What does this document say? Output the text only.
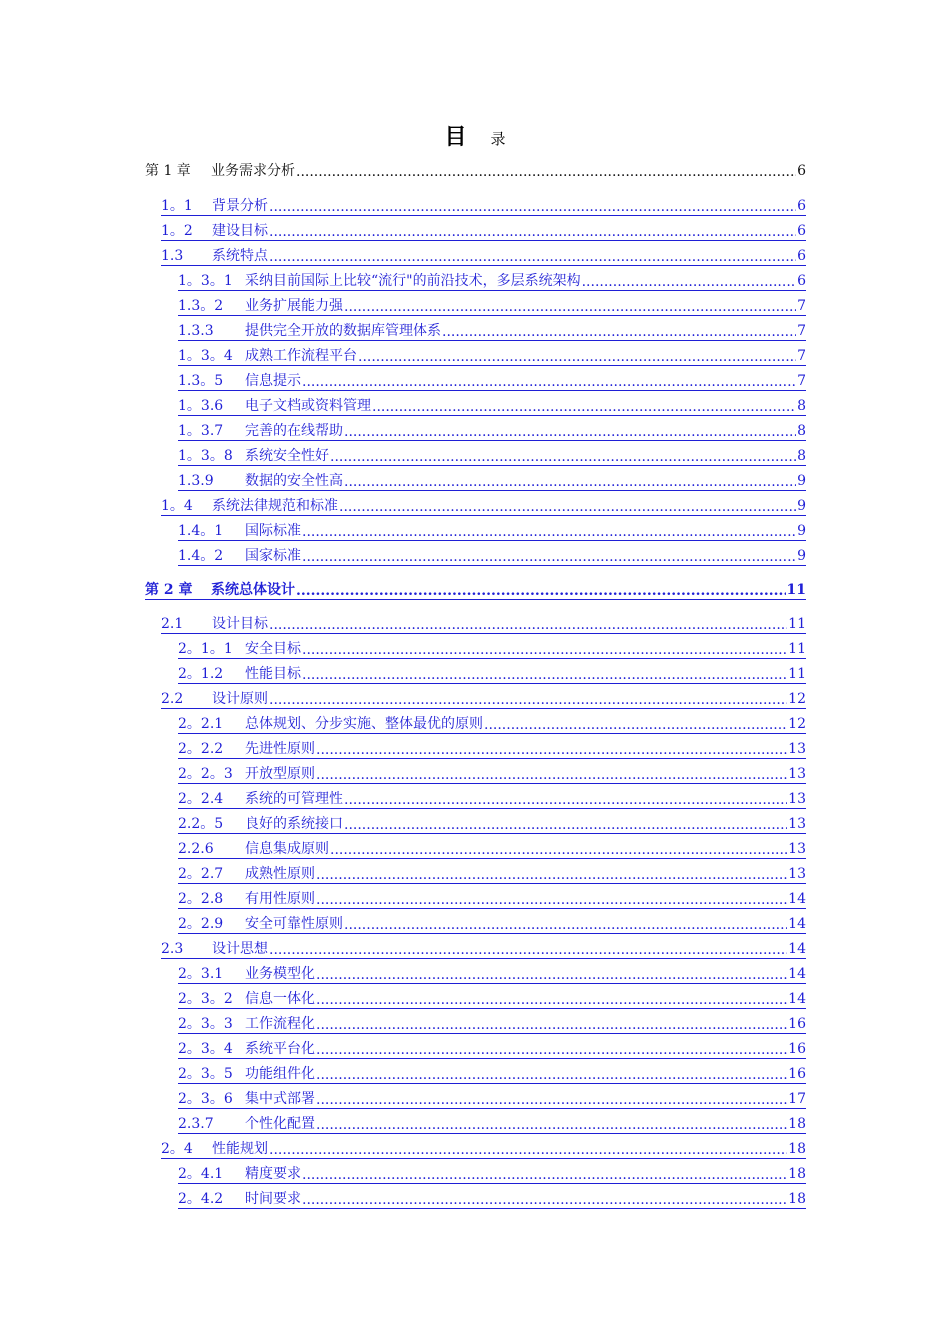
目 录
第 1 章	业务需求分析 .....	6
1。1	背景分析 .....	6
1。2	建设目标 .....	6
1.3	系统特点 .....	6
1。3。1 采纳目前国际上比较“流行"的前沿技术，多层系统架构 .....	6
1.3。2	业务扩展能力强 .....	7
1.3.3	提供完全开放的数据库管理体系 .....	7
1。3。4 成熟工作流程平台 .....	7
1.3。5	信息提示 .....	7
1。3.6	电子文档或资料管理 .....	8
1。3.7	完善的在线帮助 .....	8
1。3。8 系统安全性好 .....	8
1.3.9	数据的安全性高 .....	9
1。4	系统法律规范和标准 .....	9
1.4。1	国际标准 .....	9
1.4。2	国家标准 .....	9
第 2 章	系统总体设计 .....	11
2.1	设计目标 .....	11
2。1。1 安全目标 .....	11
2。1.2	性能目标 .....	11
2.2	设计原则 .....	12
2。2.1	总体规划、分步实施、整体最优的原则 .....	12
2。2.2	先进性原则 .....	13
2。2。3 开放型原则 .....	13
2。2.4	系统的可管理性 .....	13
2.2。5	良好的系统接口 .....	13
2.2.6	信息集成原则 .....	13
2。2.7	成熟性原则 .....	13
2。2.8	有用性原则 .....	14
2。2.9	安全可靠性原则 .....	14
2.3	设计思想 .....	14
2。3.1	业务模型化 .....	14
2。3。2 信息一体化 .....	14
2。3。3 工作流程化 .....	16
2。3。4 系统平台化 .....	16
2。3。5 功能组件化 .....	16
2。3。6 集中式部署 .....	17
2.3.7	个性化配置 .....	18
2。4	性能规划 .....	18
2。4.1	精度要求 .....	18
2。4.2	时间要求 .....	18
